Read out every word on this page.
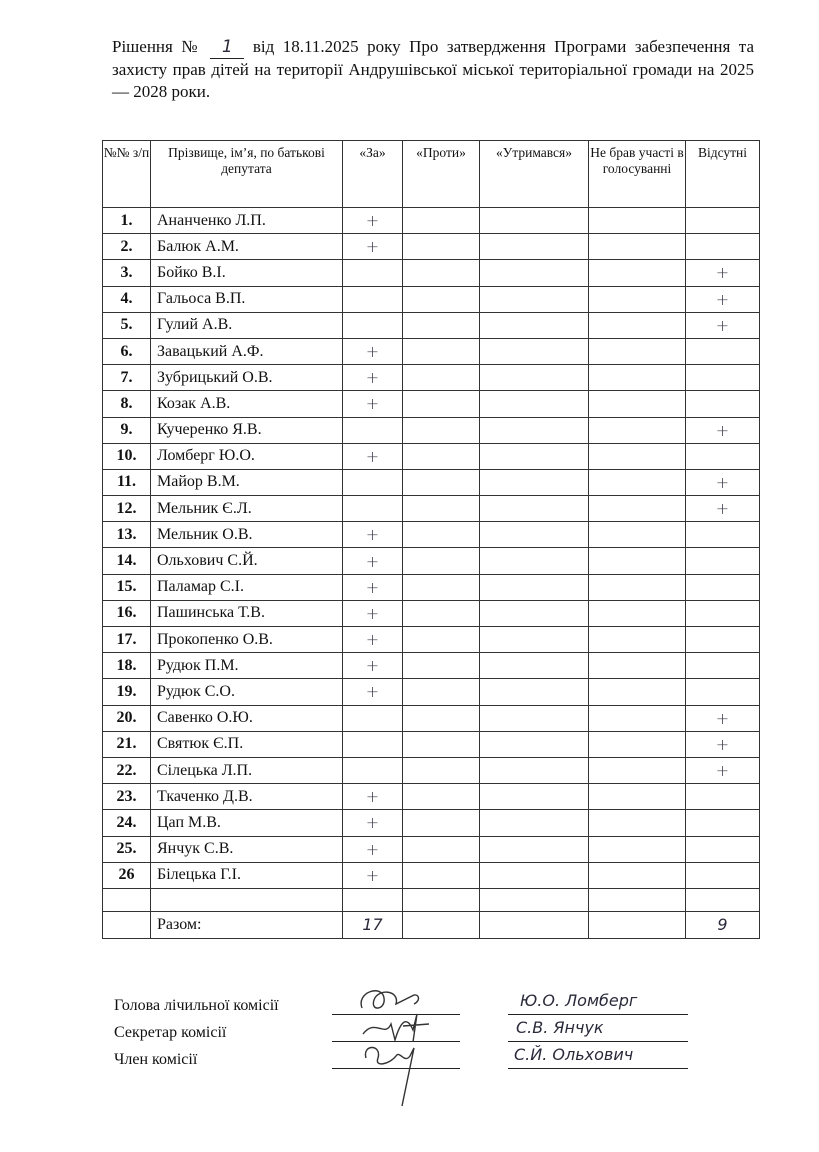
Рішення № 1 від 18.11.2025 року Про затвердження Програми забезпечення та захисту прав дітей на території Андрушівської міської територіальної громади на 2025 — 2028 роки.
№№ з/п	Прізвище, ім’я, по батькові депутата	«За»	«Проти»	«Утримався»	Не брав участі в голосуванні	Відсутні
1.	Ананченко Л.П.	+				
2.	Балюк А.М.	+				
3.	Бойко В.І.					+
4.	Гальоса В.П.					+
5.	Гулий А.В.					+
6.	Завацький А.Ф.	+				
7.	Зубрицький О.В.	+				
8.	Козак А.В.	+				
9.	Кучеренко Я.В.					+
10.	Ломберг Ю.О.	+				
11.	Майор В.М.					+
12.	Мельник Є.Л.					+
13.	Мельник О.В.	+				
14.	Ольхович С.Й.	+				
15.	Паламар С.І.	+				
16.	Пашинська Т.В.	+				
17.	Прокопенко О.В.	+				
18.	Рудюк П.М.	+				
19.	Рудюк С.О.	+				
20.	Савенко О.Ю.					+
21.	Святюк Є.П.					+
22.	Сілецька Л.П.					+
23.	Ткаченко Д.В.	+				
24.	Цап М.В.	+				
25.	Янчук С.В.	+				
26	Білецька Г.І.	+				

	Разом:	17				9
Голова лічильної комісії
Секретар комісії
Член комісії
Ю.О. Ломберг
С.В. Янчук
С.Й. Ольхович
